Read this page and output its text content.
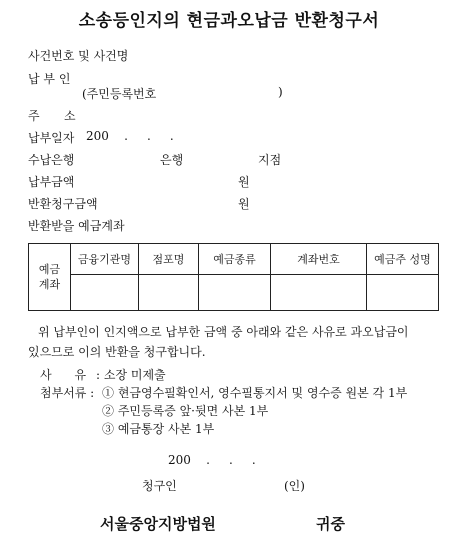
소송등인지의 현금과오납금 반환청구서
사건번호 및 사건명
납 부 인
(주민등록번호	)
주 소
납부일자 200    .     .     .
수납은행	은행	지점
납부금액	원
반환청구금액	원
반환받을 예금계좌
예금
계좌	금융기관명	점포명	예금종류	계좌번호	예금주 성명

위 납부인이 인지액으로 납부한 금액 중 아래와 같은 사유로 과오납금이
있으므로 이의 반환을 청구합니다.
사      유 : 소장 미제출
첨부서류 : ① 현금영수필확인서, 영수필통지서 및 영수증 원본 각 1부
② 주민등록증 앞·뒷면 사본 1부
③ 예금통장 사본 1부
200    .     .     .
청구인	(인)
서울중앙지방법원	귀중
